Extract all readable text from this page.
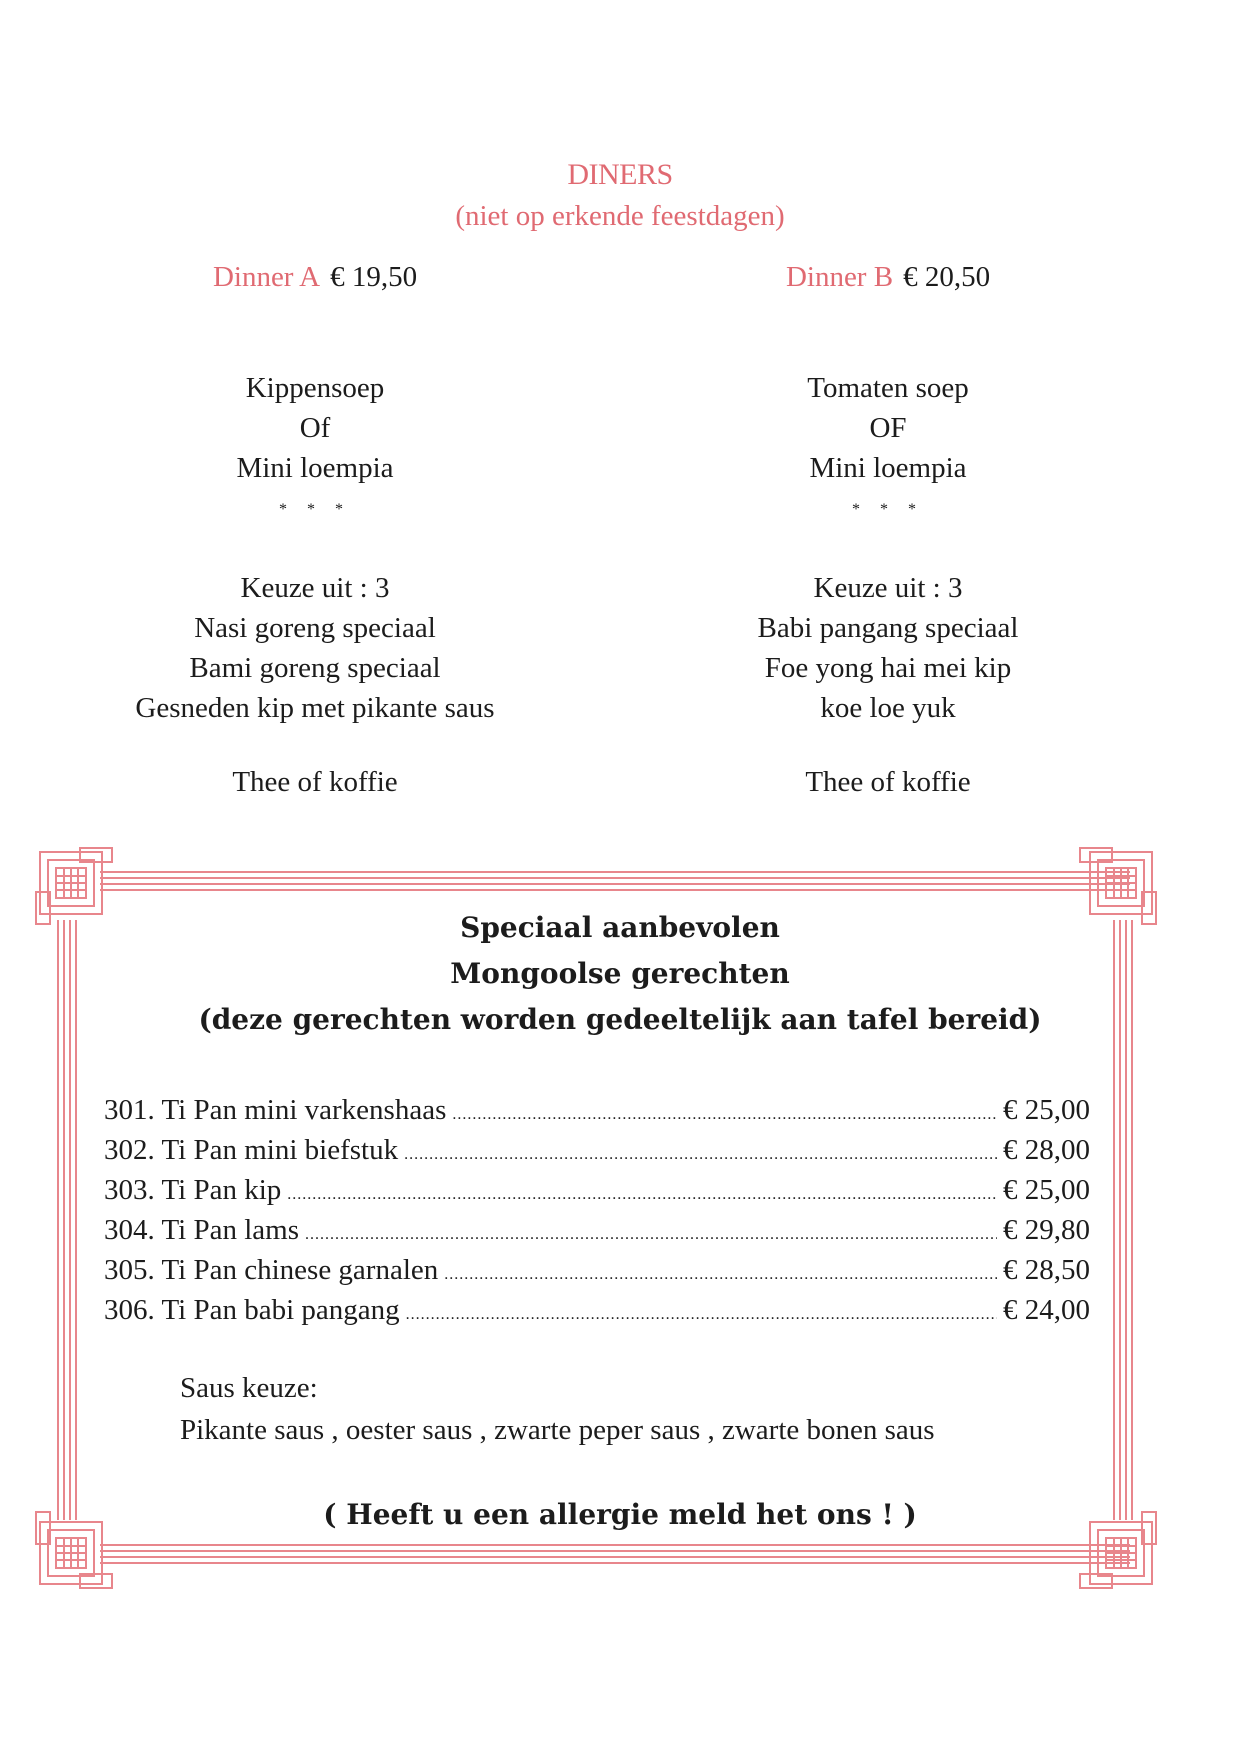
DINERS
(niet op erkende feestdagen)
Dinner A € 19,50
Kippensoep
Of
Mini loempia
* * *
Keuze uit : 3
Nasi goreng speciaal
Bami goreng speciaal
Gesneden kip met pikante saus
Thee of koffie
Dinner B € 20,50
Tomaten soep
OF
Mini loempia
* * *
Keuze uit : 3
Babi pangang speciaal
Foe yong hai mei kip
koe loe yuk
Thee of koffie
Speciaal aanbevolen
Mongoolse gerechten
(deze gerechten worden gedeeltelijk aan tafel bereid)
301. Ti Pan mini varkenshaas .....	€ 25,00
302. Ti Pan mini biefstuk .....	€ 28,00
303. Ti Pan kip .....	€ 25,00
304. Ti Pan lams .....	€ 29,80
305. Ti Pan chinese garnalen .....	€ 28,50
306. Ti Pan babi pangang .....	€ 24,00
Saus keuze:
Pikante saus , oester saus , zwarte peper saus , zwarte bonen saus
( Heeft u een allergie meld het ons ! )
